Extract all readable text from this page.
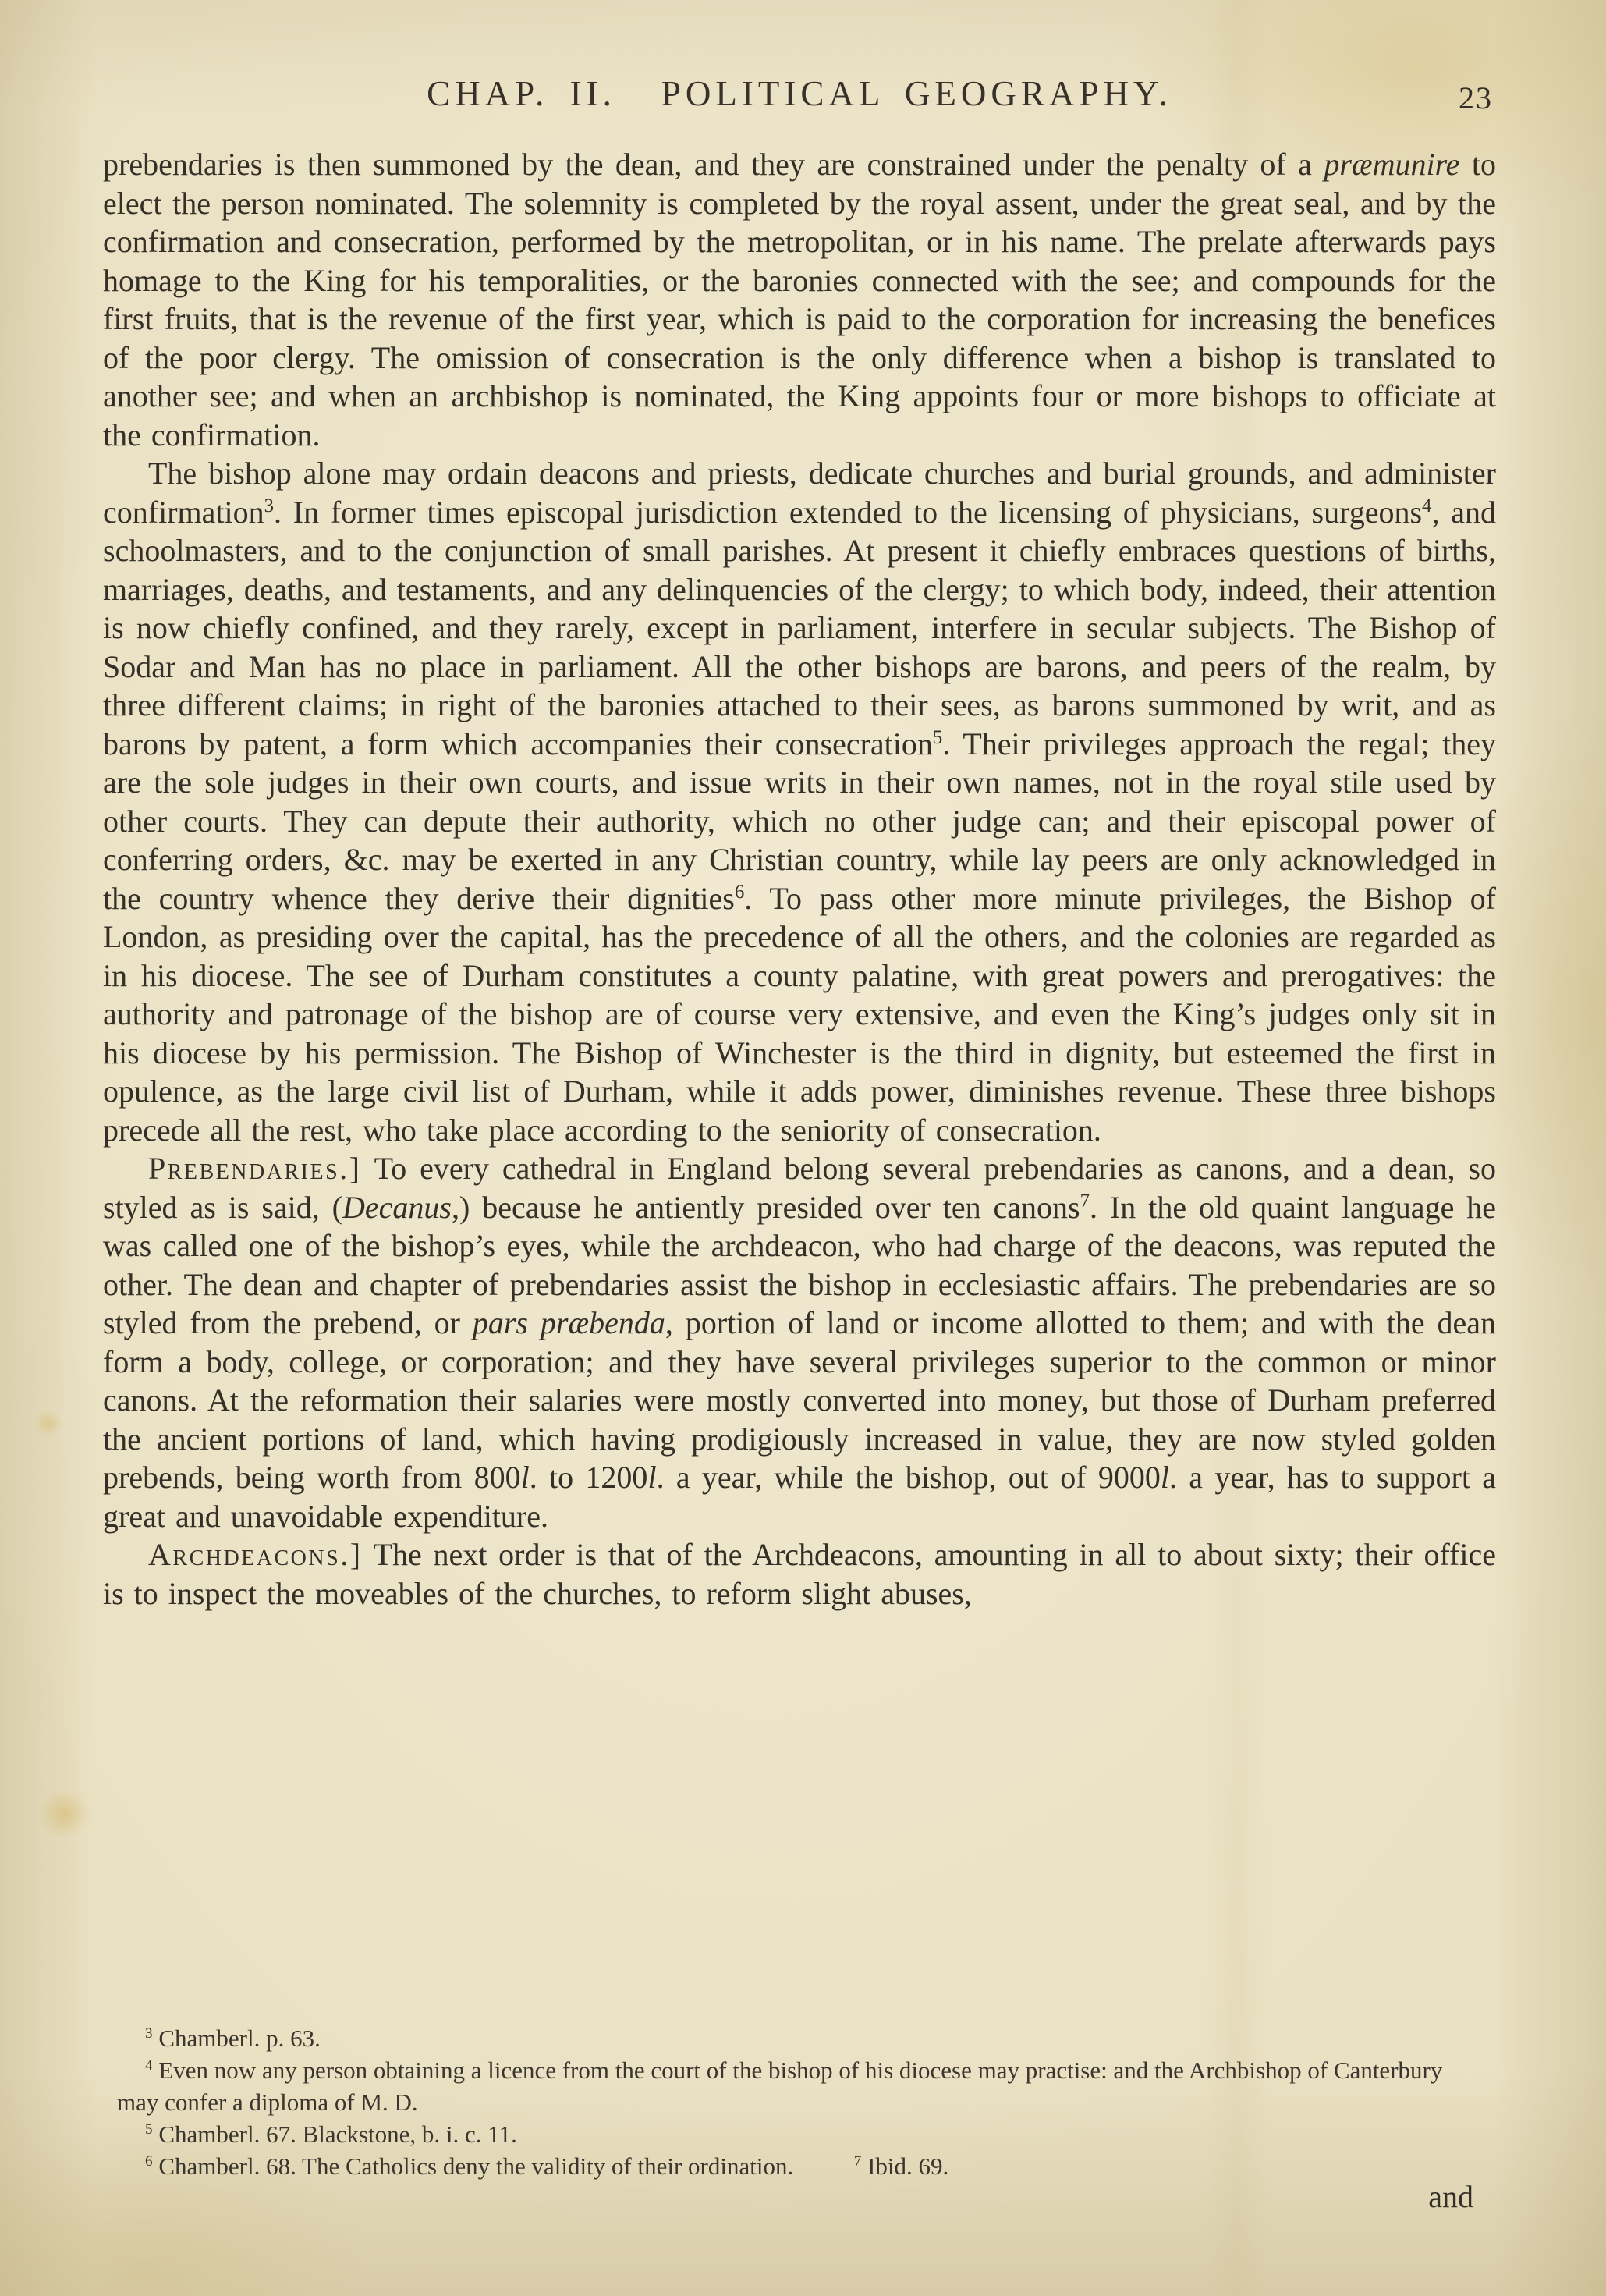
CHAP. II. POLITICAL GEOGRAPHY.	23

prebendaries is then summoned by the dean, and they are constrained under the penalty of a præmunire to elect the person nominated. The solemnity is completed by the royal assent, under the great seal, and by the confirmation and consecration, performed by the metropolitan, or in his name. The prelate afterwards pays homage to the King for his temporalities, or the baronies connected with the see; and compounds for the first fruits, that is the revenue of the first year, which is paid to the corporation for increasing the benefices of the poor clergy. The omission of consecration is the only difference when a bishop is translated to another see; and when an archbishop is nominated, the King appoints four or more bishops to officiate at the confirmation.

The bishop alone may ordain deacons and priests, dedicate churches and burial grounds, and administer confirmation$^3$. In former times episcopal jurisdiction extended to the licensing of physicians, surgeons$^4$, and schoolmasters, and to the conjunction of small parishes. At present it chiefly embraces questions of births, marriages, deaths, and testaments, and any delinquencies of the clergy; to which body, indeed, their attention is now chiefly confined, and they rarely, except in parliament, interfere in secular subjects. The Bishop of Sodar and Man has no place in parliament. All the other bishops are barons, and peers of the realm, by three different claims; in right of the baronies attached to their sees, as barons summoned by writ, and as barons by patent, a form which accompanies their consecration$^5$. Their privileges approach the regal; they are the sole judges in their own courts, and issue writs in their own names, not in the royal stile used by other courts. They can depute their authority, which no other judge can; and their episcopal power of conferring orders, &c. may be exerted in any Christian country, while lay peers are only acknowledged in the country whence they derive their dignities$^6$. To pass other more minute privileges, the Bishop of London, as presiding over the capital, has the precedence of all the others, and the colonies are regarded as in his diocese. The see of Durham constitutes a county palatine, with great powers and prerogatives: the authority and patronage of the bishop are of course very extensive, and even the King’s judges only sit in his diocese by his permission. The Bishop of Winchester is the third in dignity, but esteemed the first in opulence, as the large civil list of Durham, while it adds power, diminishes revenue. These three bishops precede all the rest, who take place according to the seniority of consecration.

Prebendaries.] To every cathedral in England belong several prebendaries as canons, and a dean, so styled as is said, (Decanus,) because he antiently presided over ten canons$^7$. In the old quaint language he was called one of the bishop’s eyes, while the archdeacon, who had charge of the deacons, was reputed the other. The dean and chapter of prebendaries assist the bishop in ecclesiastic affairs. The prebendaries are so styled from the prebend, or pars præbenda, portion of land or income allotted to them; and with the dean form a body, college, or corporation; and they have several privileges superior to the common or minor canons. At the reformation their salaries were mostly converted into money, but those of Durham preferred the ancient portions of land, which having prodigiously increased in value, they are now styled golden prebends, being worth from 800l. to 1200l. a year, while the bishop, out of 9000l. a year, has to support a great and unavoidable expenditure.

Archdeacons.] The next order is that of the Archdeacons, amounting in all to about sixty; their office is to inspect the moveables of the churches, to reform slight abuses,

$^3$ Chamberl. p. 63.

$^4$ Even now any person obtaining a licence from the court of the bishop of his diocese may practise: and the Archbishop of Canterbury may confer a diploma of M. D.

$^5$ Chamberl. 67. Blackstone, b. i. c. 11.

$^6$ Chamberl. 68. The Catholics deny the validity of their ordination.	$^7$ Ibid. 69.

and
